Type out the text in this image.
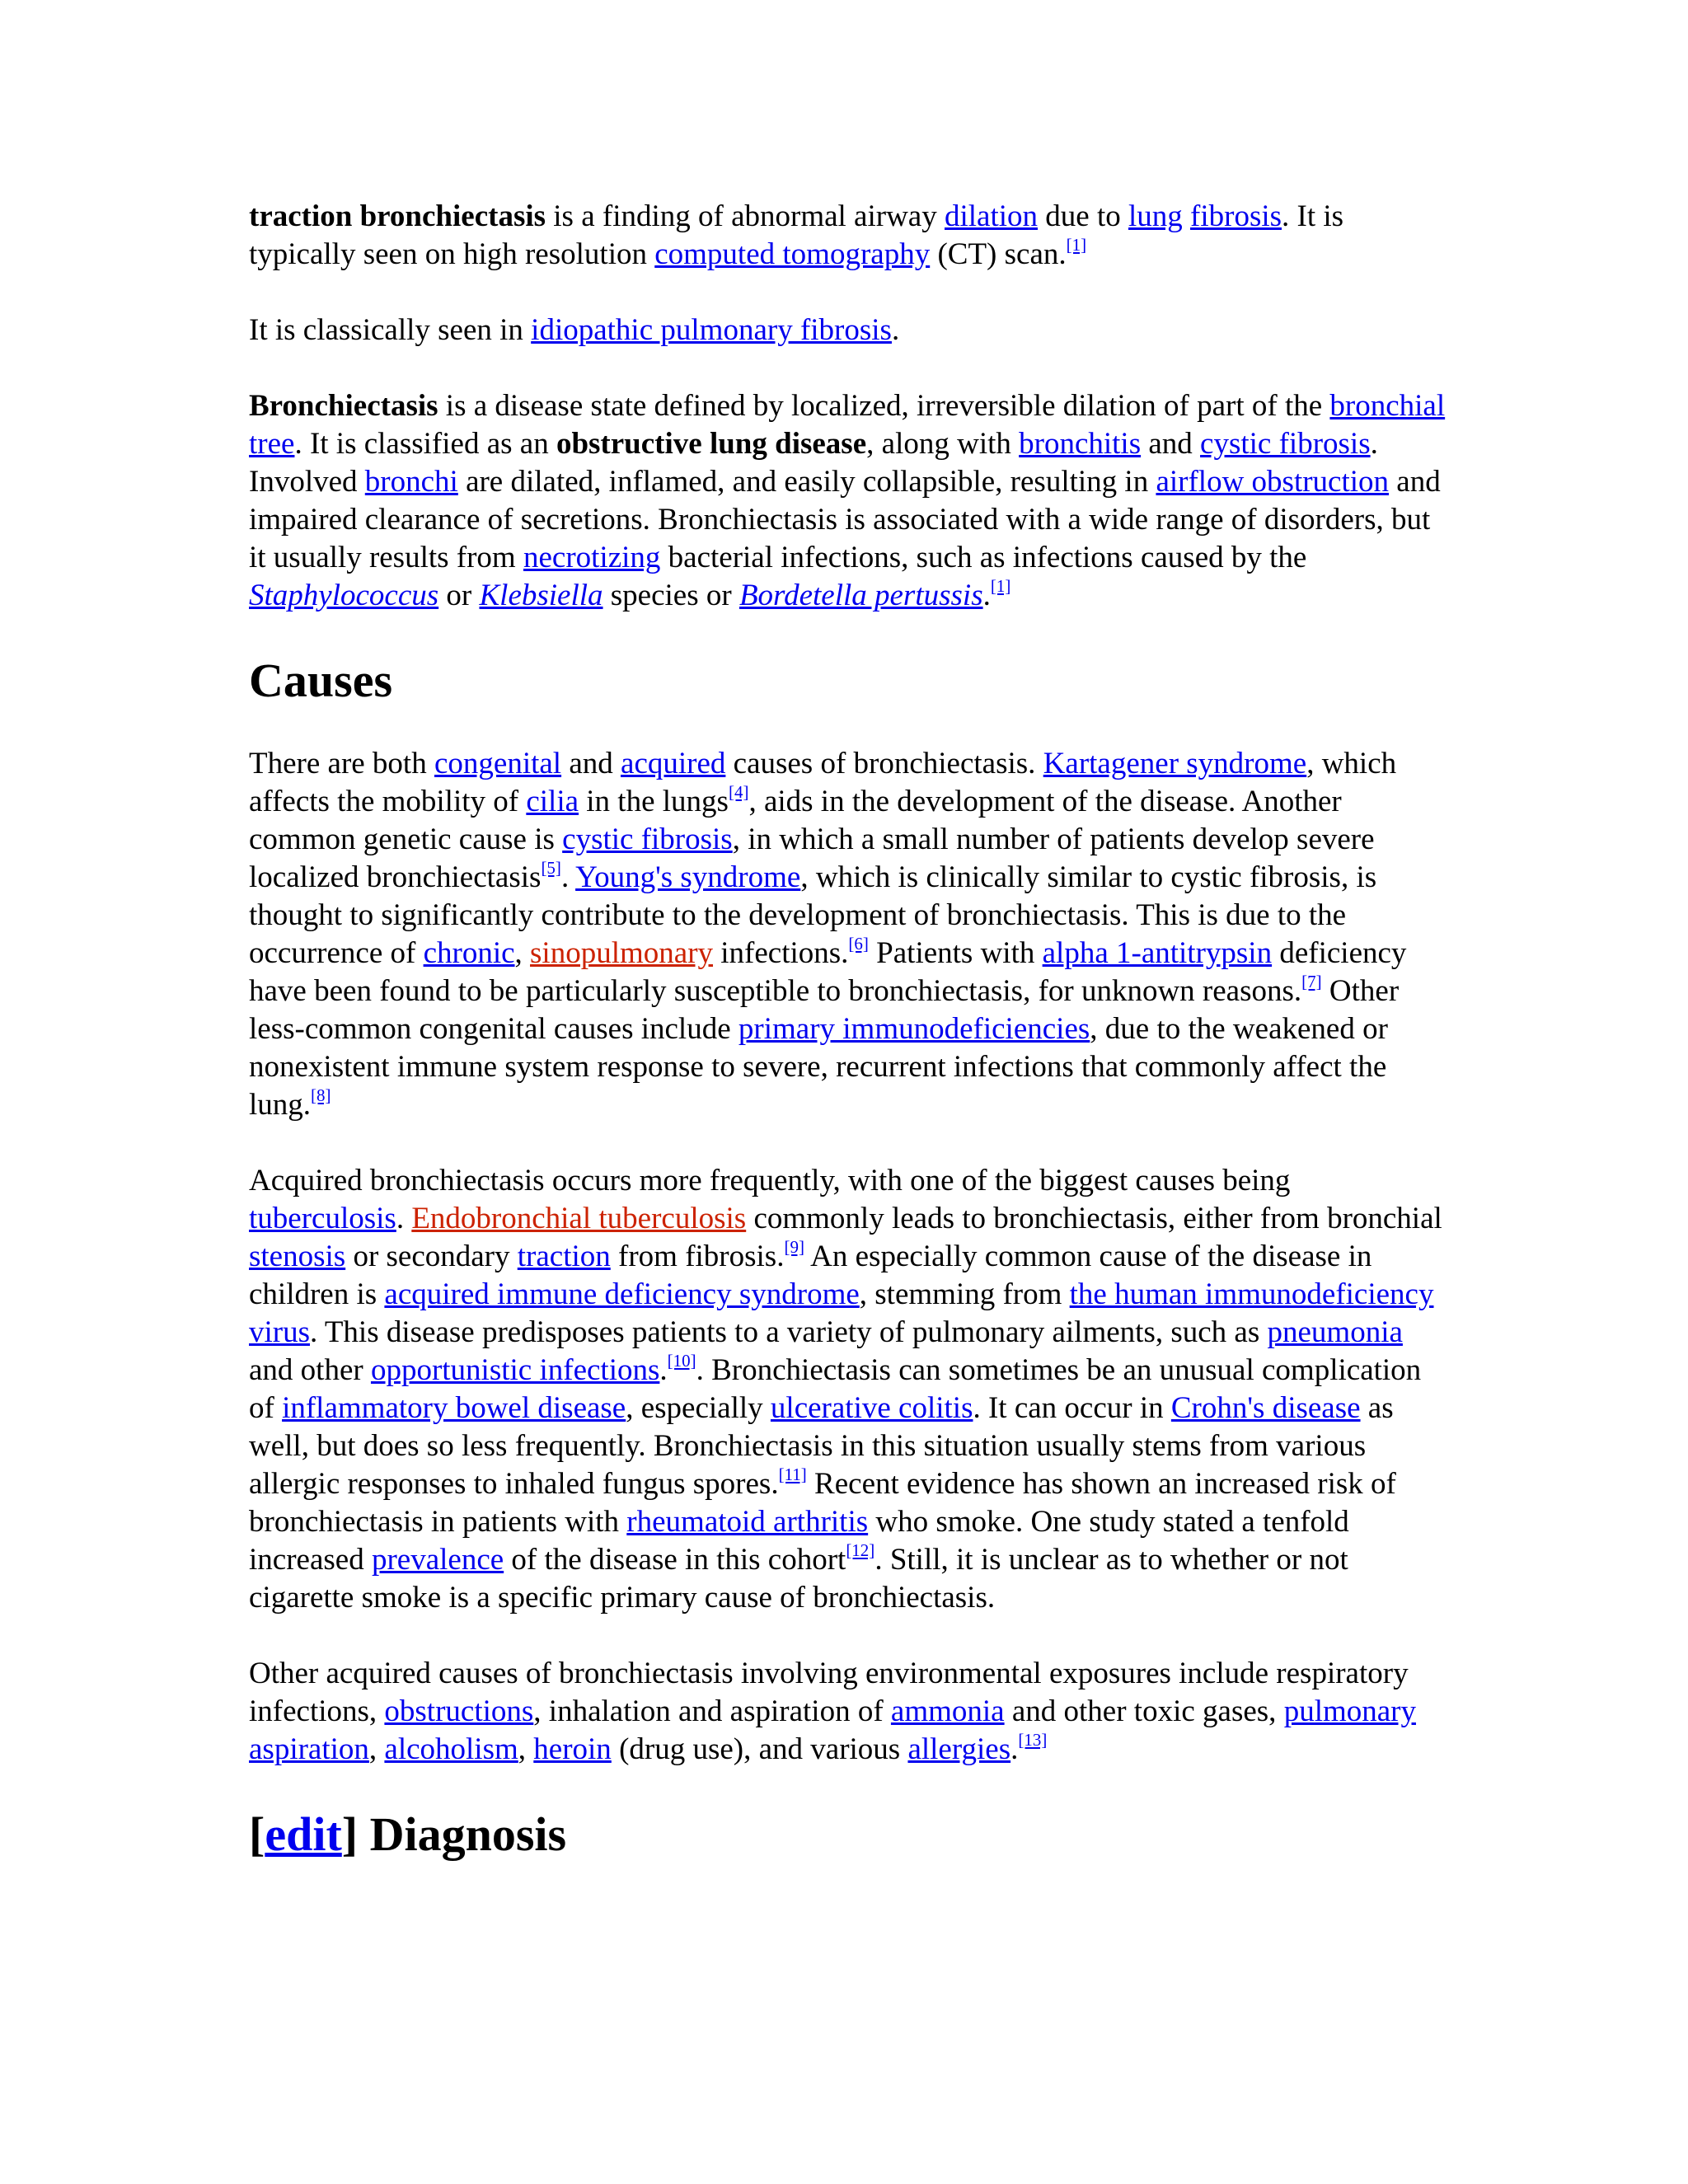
traction bronchiectasis is a finding of abnormal airway dilation due to lung fibrosis. It is typically seen on high resolution computed tomography (CT) scan.[1]

It is classically seen in idiopathic pulmonary fibrosis.

Bronchiectasis is a disease state defined by localized, irreversible dilation of part of the bronchial tree. It is classified as an obstructive lung disease, along with bronchitis and cystic fibrosis. Involved bronchi are dilated, inflamed, and easily collapsible, resulting in airflow obstruction and impaired clearance of secretions. Bronchiectasis is associated with a wide range of disorders, but it usually results from necrotizing bacterial infections, such as infections caused by the Staphylococcus or Klebsiella species or Bordetella pertussis.[1]

Causes

There are both congenital and acquired causes of bronchiectasis. Kartagener syndrome, which affects the mobility of cilia in the lungs[4], aids in the development of the disease. Another common genetic cause is cystic fibrosis, in which a small number of patients develop severe localized bronchiectasis[5]. Young's syndrome, which is clinically similar to cystic fibrosis, is thought to significantly contribute to the development of bronchiectasis. This is due to the occurrence of chronic, sinopulmonary infections.[6] Patients with alpha 1-antitrypsin deficiency have been found to be particularly susceptible to bronchiectasis, for unknown reasons.[7] Other less-common congenital causes include primary immunodeficiencies, due to the weakened or nonexistent immune system response to severe, recurrent infections that commonly affect the lung.[8]

Acquired bronchiectasis occurs more frequently, with one of the biggest causes being tuberculosis. Endobronchial tuberculosis commonly leads to bronchiectasis, either from bronchial stenosis or secondary traction from fibrosis.[9] An especially common cause of the disease in children is acquired immune deficiency syndrome, stemming from the human immunodeficiency virus. This disease predisposes patients to a variety of pulmonary ailments, such as pneumonia and other opportunistic infections.[10]. Bronchiectasis can sometimes be an unusual complication of inflammatory bowel disease, especially ulcerative colitis. It can occur in Crohn's disease as well, but does so less frequently. Bronchiectasis in this situation usually stems from various allergic responses to inhaled fungus spores.[11] Recent evidence has shown an increased risk of bronchiectasis in patients with rheumatoid arthritis who smoke. One study stated a tenfold increased prevalence of the disease in this cohort[12]. Still, it is unclear as to whether or not cigarette smoke is a specific primary cause of bronchiectasis.

Other acquired causes of bronchiectasis involving environmental exposures include respiratory infections, obstructions, inhalation and aspiration of ammonia and other toxic gases, pulmonary aspiration, alcoholism, heroin (drug use), and various allergies.[13]

[edit] Diagnosis
